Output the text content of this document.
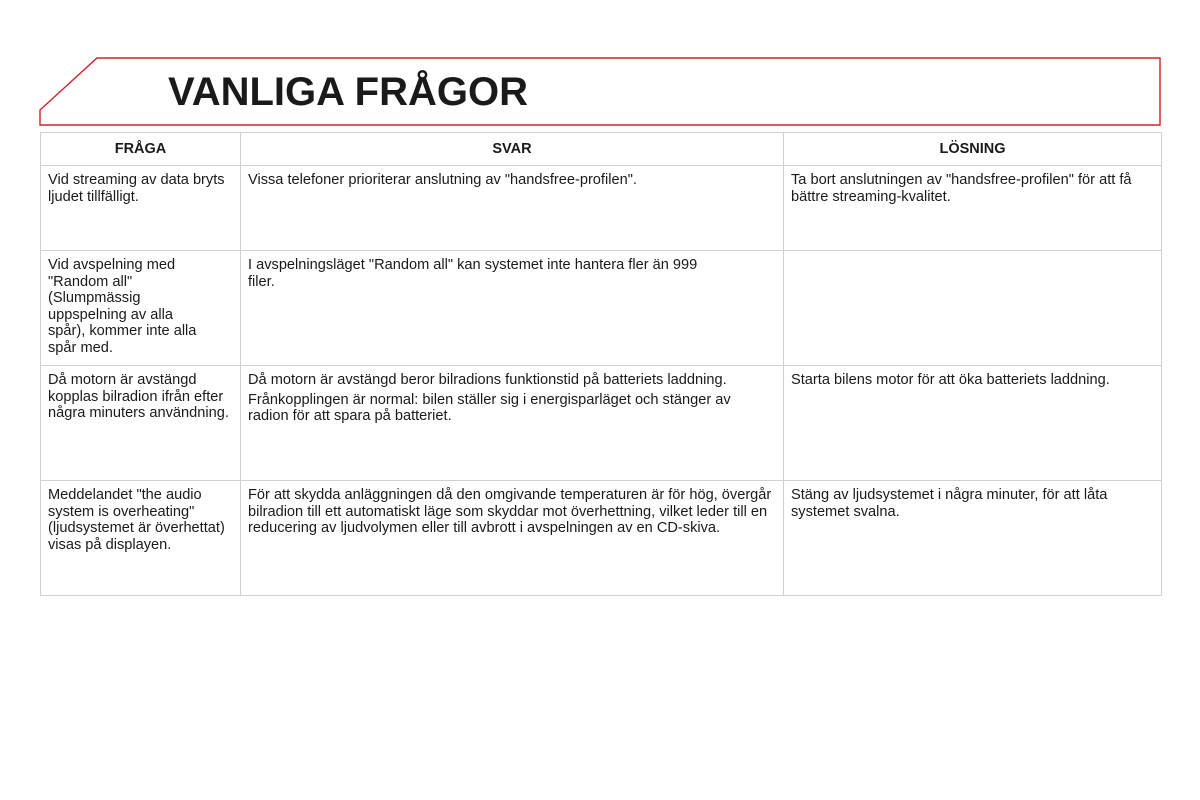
VANLIGA FRÅGOR
FRÅGA	SVAR	LÖSNING
Vid streaming av data bryts ljudet tillfälligt.	Vissa telefoner prioriterar anslutning av "handsfree-profilen".	Ta bort anslutningen av "handsfree-profilen" för att få bättre streaming-kvalitet.

Vid avspelning med "Random all" (Slumpmässig uppspelning av alla spår), kommer inte alla spår med.	I avspelningsläget "Random all" kan systemet inte hantera fler än 999 filer.	

Då motorn är avstängd kopplas bilradion ifrån efter några minuters användning.	Då motorn är avstängd beror bilradions funktionstid på batteriets laddning.
Frånkopplingen är normal: bilen ställer sig i energisparläget och stänger av radion för att spara på batteriet.	Starta bilens motor för att öka batteriets laddning.
Meddelandet "the audio system is overheating" (ljudsystemet är överhettat) visas på displayen.	För att skydda anläggningen då den omgivande temperaturen är för hög, övergår bilradion till ett automatiskt läge som skyddar mot överhettning, vilket leder till en reducering av ljudvolymen eller till avbrott i avspelningen av en CD-skiva.	Stäng av ljudsystemet i några minuter, för att låta systemet svalna.
